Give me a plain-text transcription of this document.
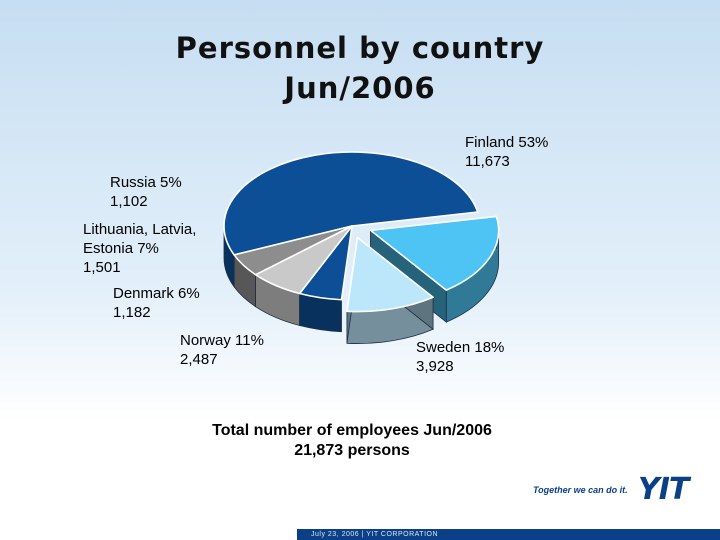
Personnel by country
Jun/2006
Finland 53%
11,673
Russia 5%
1,102
Lithuania, Latvia,
Estonia 7%
1,501
Denmark 6%
1,182
Norway 11%
2,487
Sweden 18%
3,928
Total number of employees Jun/2006
21,873 persons
Together we can do it. YIT
July 23, 2006 | YIT CORPORATION
